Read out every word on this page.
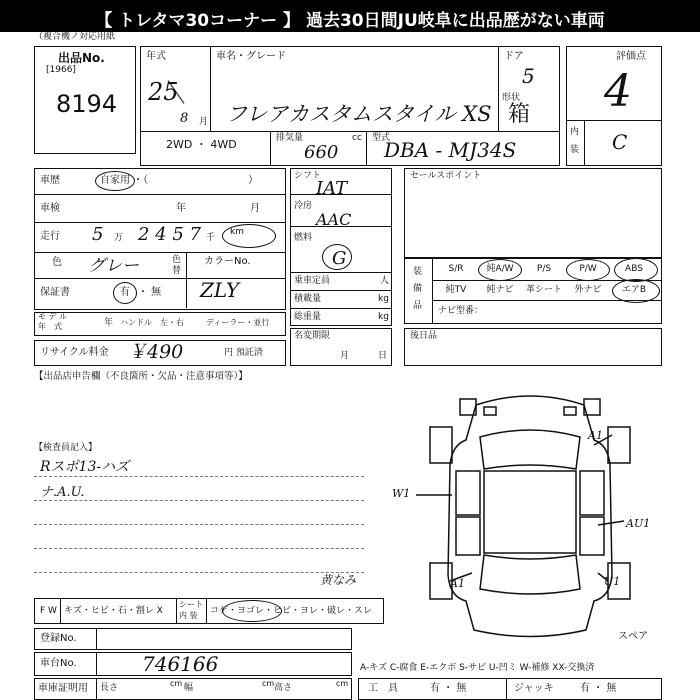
【 トレタマ30コーナー 】 過去30日間JU岐阜に出品歴がない車両
（複合機ノ対応用紙
出品No.
[1966]
8194
年式
25
8 月
車名・グレード
フレアカスタムスタイル XS
ドア
5
形状
箱
2WD ・ 4WD	排気量	cc
660
型式
DBA - MJ34S
評価点
4
内
装 C
車歴	自家用 ・（　　　　　　　　　　）
車検	年	月
走行 5 万 2 4 5 7 千
km
色 グレー	色
替
カラーNo.
保証書	有 ・ 無 ZLY
モ デ ル
年　式	年 ハンドル　左・右	ディーラー・並行
リサイクル料金 ￥490	円 預託済
シフト
IAT
冷房
AAC
燃料
G
乗車定員	人
積載量	kg
総重量	kg
名変期限
月	日
セールスポイント
装
備
品
S/R	純A/W	P/S	P/W	ABS
純TV	純ナビ	革シート	外ナビ	エアB
ナビ型番：
後日品
【出品店申告欄（不良箇所・欠品・注意事項等）】
【検査員記入】
Rスポ13-ハズ
ナ.A.U.	W1
A1
AU1
A1	U1
スペア
F W キズ・ヒビ・石・割レ X
シート
内 装 コゲ・ヨゴレ・ヒビ・ヨレ・破レ・スレ
黄なみ
登録No.
車台No.	746166
車庫証明用 長さ	cm 幅	cm 高さ	cm
A-キズ C-腐食 E-エクボ S-サビ U-凹ミ W-補修 XX-交換済
工　具	有 ・ 無	ジャッキ	有 ・ 無
